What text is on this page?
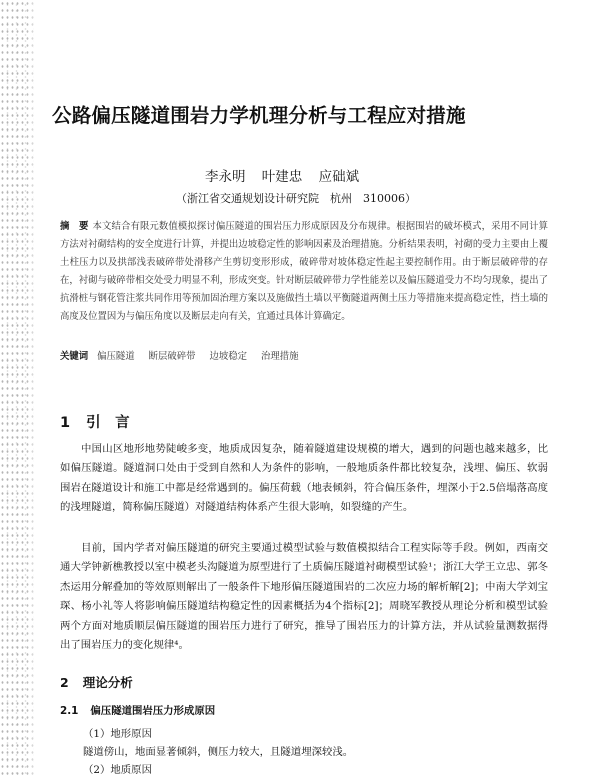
公路偏压隧道围岩力学机理分析与工程应对措施

李永明 叶建忠 应础斌

（浙江省交通规划设计研究院　杭州　310006）

摘　要 本文结合有限元数值模拟探讨偏压隧道的围岩压力形成原因及分布规律。根据围岩的破坏模式，采用不同计算方法对衬砌结构的安全度进行计算，并提出边坡稳定性的影响因素及治理措施。分析结果表明，衬砌的受力主要由上覆土柱压力以及拱部浅表破碎带处滑移产生剪切变形形成，破碎带对坡体稳定性起主要控制作用。由于断层破碎带的存在，衬砌与破碎带相交处受力明显不利，形成突变。针对断层破碎带力学性能差以及偏压隧道受力不均匀现象，提出了抗滑桩与钢花管注浆共同作用等预加固治理方案以及施做挡土墙以平衡隧道两侧土压力等措施来提高稳定性，挡土墙的高度及位置因为与偏压角度以及断层走向有关，宜通过具体计算确定。

关键词 偏压隧道 断层破碎带 边坡稳定 治理措施

1 引　言

中国山区地形地势陡峻多变，地质成因复杂，随着隧道建设规模的增大，遇到的问题也越来越多，比如偏压隧道。隧道洞口处由于受到自然和人为条件的影响，一般地质条件都比较复杂，浅埋、偏压、软弱围岩在隧道设计和施工中都是经常遇到的。偏压荷载（地表倾斜，符合偏压条件，埋深小于2.5倍塌落高度的浅埋隧道，简称偏压隧道）对隧道结构体系产生很大影响，如裂缝的产生。

目前，国内学者对偏压隧道的研究主要通过模型试验与数值模拟结合工程实际等手段。例如，西南交通大学钟新樵教授以室中模老头沟隧道为原型进行了土质偏压隧道衬砌模型试验¹；浙江大学王立忠、郭冬杰运用分解叠加的等效原则解出了一般条件下地形偏压隧道围岩的二次应力场的解析解[2]；中南大学刘宝琛、杨小礼等人将影响偏压隧道结构稳定性的因素概括为4个指标[2]；周晓军教授从理论分析和模型试验两个方面对地质顺层偏压隧道的围岩压力进行了研究，推导了围岩压力的计算方法，并从试验量测数据得出了围岩压力的变化规律⁴。

2 理论分析
2.1 偏压隧道围岩压力形成原因

（1）地形原因

隧道傍山，地面显著倾斜，侧压力较大，且隧道埋深较浅。

（2）地质原因
